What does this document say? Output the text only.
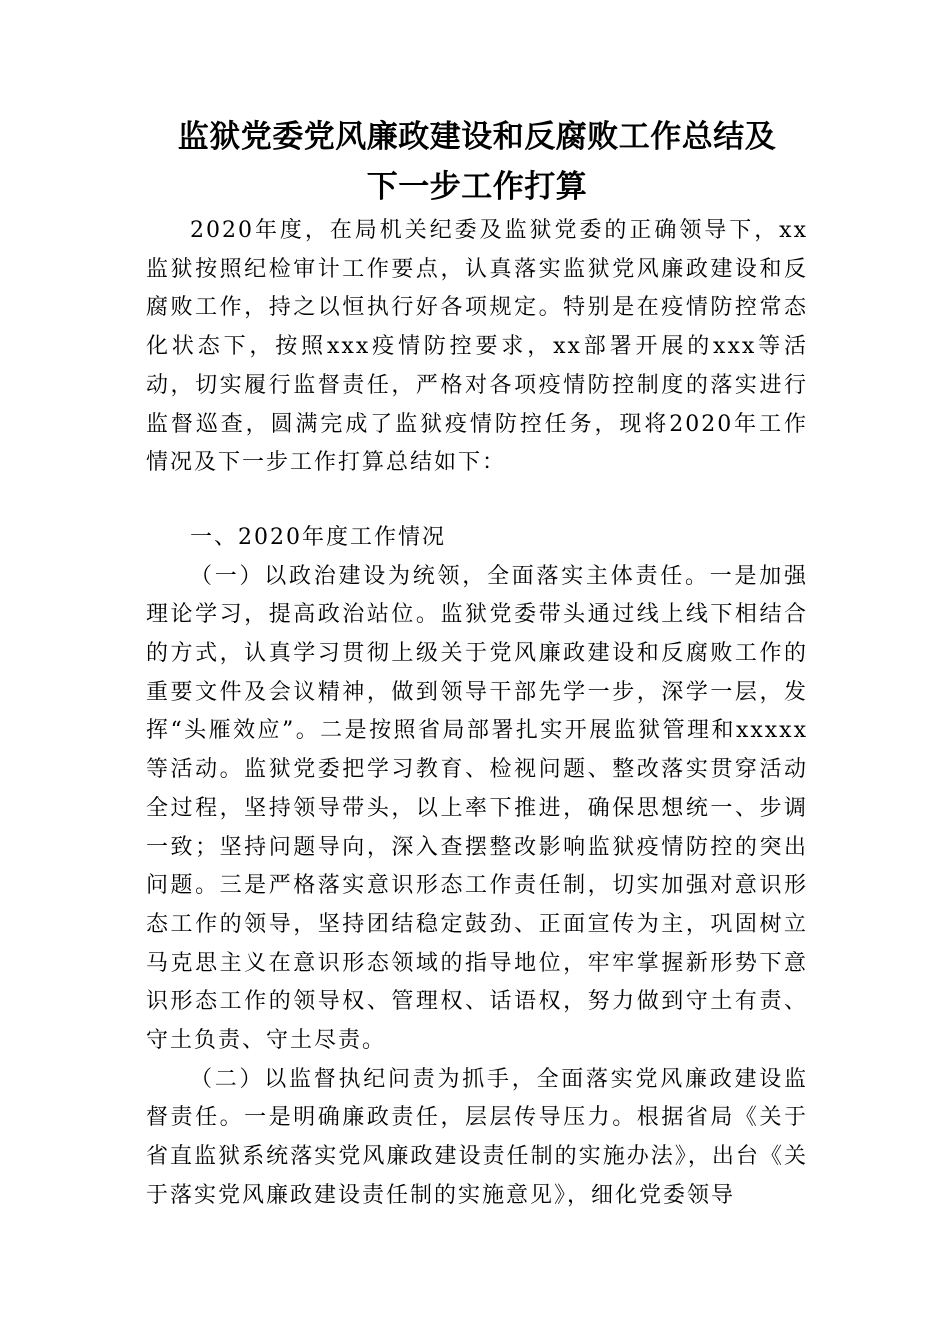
监狱党委党风廉政建设和反腐败工作总结及
下一步工作打算

2020年度，在局机关纪委及监狱党委的正确领导下，xx监狱按照纪检审计工作要点，认真落实监狱党风廉政建设和反腐败工作，持之以恒执行好各项规定。特别是在疫情防控常态化状态下，按照xxx疫情防控要求，xx部署开展的xxx等活动，切实履行监督责任，严格对各项疫情防控制度的落实进行监督巡查，圆满完成了监狱疫情防控任务，现将2020年工作情况及下一步工作打算总结如下：

一、2020年度工作情况

（一）以政治建设为统领，全面落实主体责任。一是加强理论学习，提高政治站位。监狱党委带头通过线上线下相结合的方式，认真学习贯彻上级关于党风廉政建设和反腐败工作的重要文件及会议精神，做到领导干部先学一步，深学一层，发挥“头雁效应”。二是按照省局部署扎实开展监狱管理和xxxxx等活动。监狱党委把学习教育、检视问题、整改落实贯穿活动全过程，坚持领导带头，以上率下推进，确保思想统一、步调一致；坚持问题导向，深入查摆整改影响监狱疫情防控的突出问题。三是严格落实意识形态工作责任制，切实加强对意识形态工作的领导，坚持团结稳定鼓劲、正面宣传为主，巩固树立马克思主义在意识形态领域的指导地位，牢牢掌握新形势下意识形态工作的领导权、管理权、话语权，努力做到守土有责、守土负责、守土尽责。

（二）以监督执纪问责为抓手，全面落实党风廉政建设监督责任。一是明确廉政责任，层层传导压力。根据省局《关于省直监狱系统落实党风廉政建设责任制的实施办法》，出台《关于落实党风廉政建设责任制的实施意见》，细化党委领导
